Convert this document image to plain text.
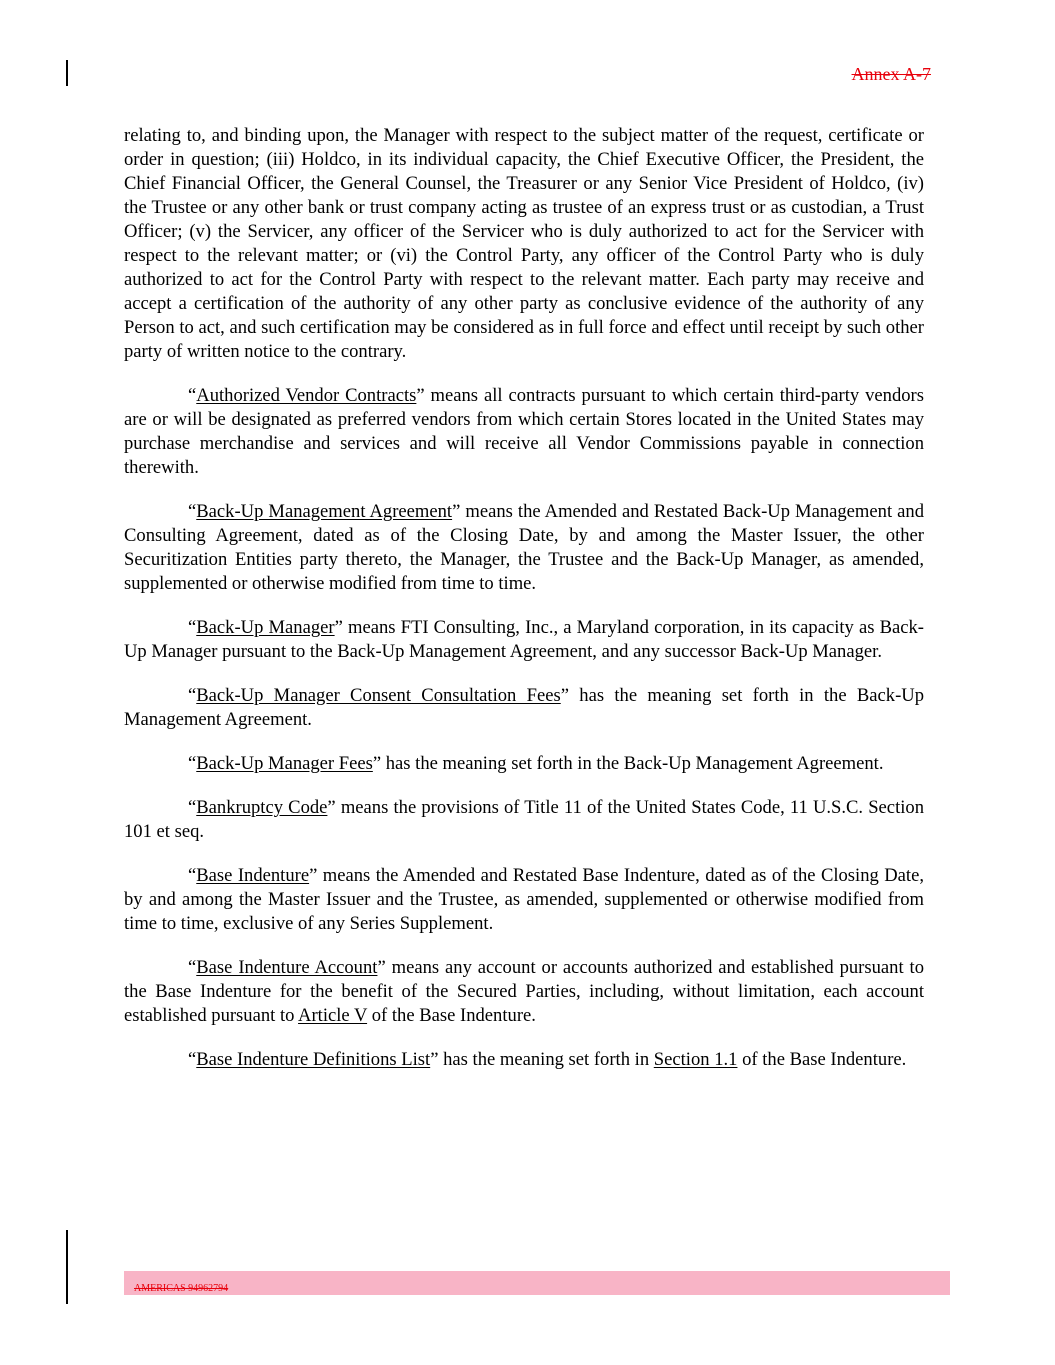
Annex A-7

relating to, and binding upon, the Manager with respect to the subject matter of the request, certificate or order in question; (iii) Holdco, in its individual capacity, the Chief Executive Officer, the President, the Chief Financial Officer, the General Counsel, the Treasurer or any Senior Vice President of Holdco, (iv) the Trustee or any other bank or trust company acting as trustee of an express trust or as custodian, a Trust Officer; (v) the Servicer, any officer of the Servicer who is duly authorized to act for the Servicer with respect to the relevant matter; or (vi) the Control Party, any officer of the Control Party who is duly authorized to act for the Control Party with respect to the relevant matter. Each party may receive and accept a certification of the authority of any other party as conclusive evidence of the authority of any Person to act, and such certification may be considered as in full force and effect until receipt by such other party of written notice to the contrary.

“Authorized Vendor Contracts” means all contracts pursuant to which certain third-party vendors are or will be designated as preferred vendors from which certain Stores located in the United States may purchase merchandise and services and will receive all Vendor Commissions payable in connection therewith.

“Back-Up Management Agreement” means the Amended and Restated Back-Up Management and Consulting Agreement, dated as of the Closing Date, by and among the Master Issuer, the other Securitization Entities party thereto, the Manager, the Trustee and the Back-Up Manager, as amended, supplemented or otherwise modified from time to time.

“Back-Up Manager” means FTI Consulting, Inc., a Maryland corporation, in its capacity as Back-Up Manager pursuant to the Back-Up Management Agreement, and any successor Back-Up Manager.

“Back-Up Manager Consent Consultation Fees” has the meaning set forth in the Back-Up Management Agreement.

“Back-Up Manager Fees” has the meaning set forth in the Back-Up Management Agreement.

“Bankruptcy Code” means the provisions of Title 11 of the United States Code, 11 U.S.C. Section 101 et seq.

“Base Indenture” means the Amended and Restated Base Indenture, dated as of the Closing Date, by and among the Master Issuer and the Trustee, as amended, supplemented or otherwise modified from time to time, exclusive of any Series Supplement.

“Base Indenture Account” means any account or accounts authorized and established pursuant to the Base Indenture for the benefit of the Secured Parties, including, without limitation, each account established pursuant to Article V of the Base Indenture.

“Base Indenture Definitions List” has the meaning set forth in Section 1.1 of the Base Indenture.

AMERICAS 94962794
